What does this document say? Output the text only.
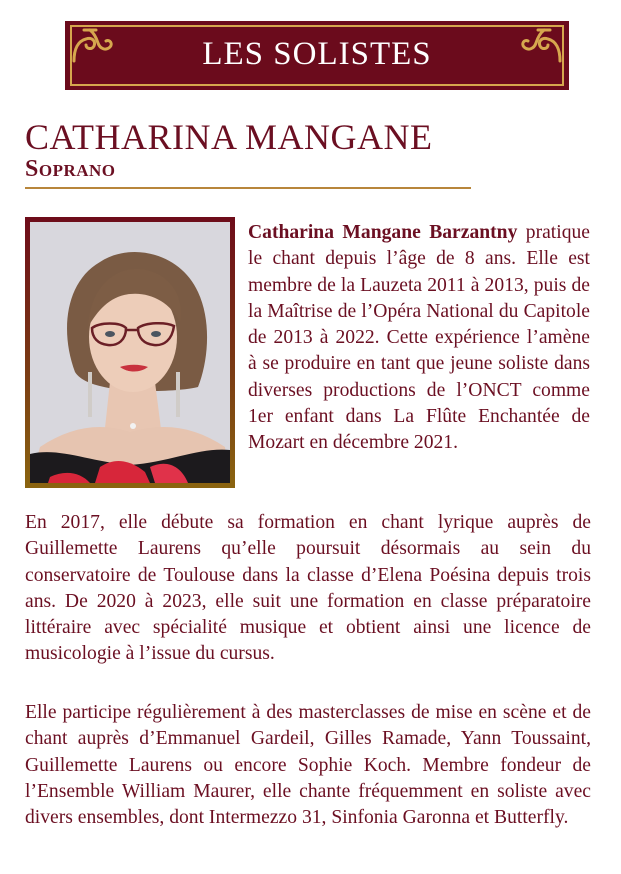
LES SOLISTES
CATHARINA MANGANE
Soprano

Catharina Mangane Barzantny pratique le chant depuis l’âge de 8 ans. Elle est membre de la Lauzeta 2011 à 2013, puis de la Maîtrise de l’Opéra National du Capitole de 2013 à 2022. Cette expérience l’amène à se produire en tant que jeune soliste dans diverses productions de l’ONCT comme 1er enfant dans La Flûte Enchantée de Mozart en décembre 2021.

En 2017, elle débute sa formation en chant lyrique auprès de Guillemette Laurens qu’elle poursuit désormais au sein du conservatoire de Toulouse dans la classe d’Elena Poésina depuis trois ans. De 2020 à 2023, elle suit une formation en classe préparatoire littéraire avec spécialité musique et obtient ainsi une licence de musicologie à l’issue du cursus.

Elle participe régulièrement à des masterclasses de mise en scène et de chant auprès d’Emmanuel Gardeil, Gilles Ramade, Yann Toussaint, Guillemette Laurens ou encore Sophie Koch. Membre fondeur de l’Ensemble William Maurer, elle chante fréquemment en soliste avec divers ensembles, dont Intermezzo 31, Sinfonia Garonna et Butterfly.
